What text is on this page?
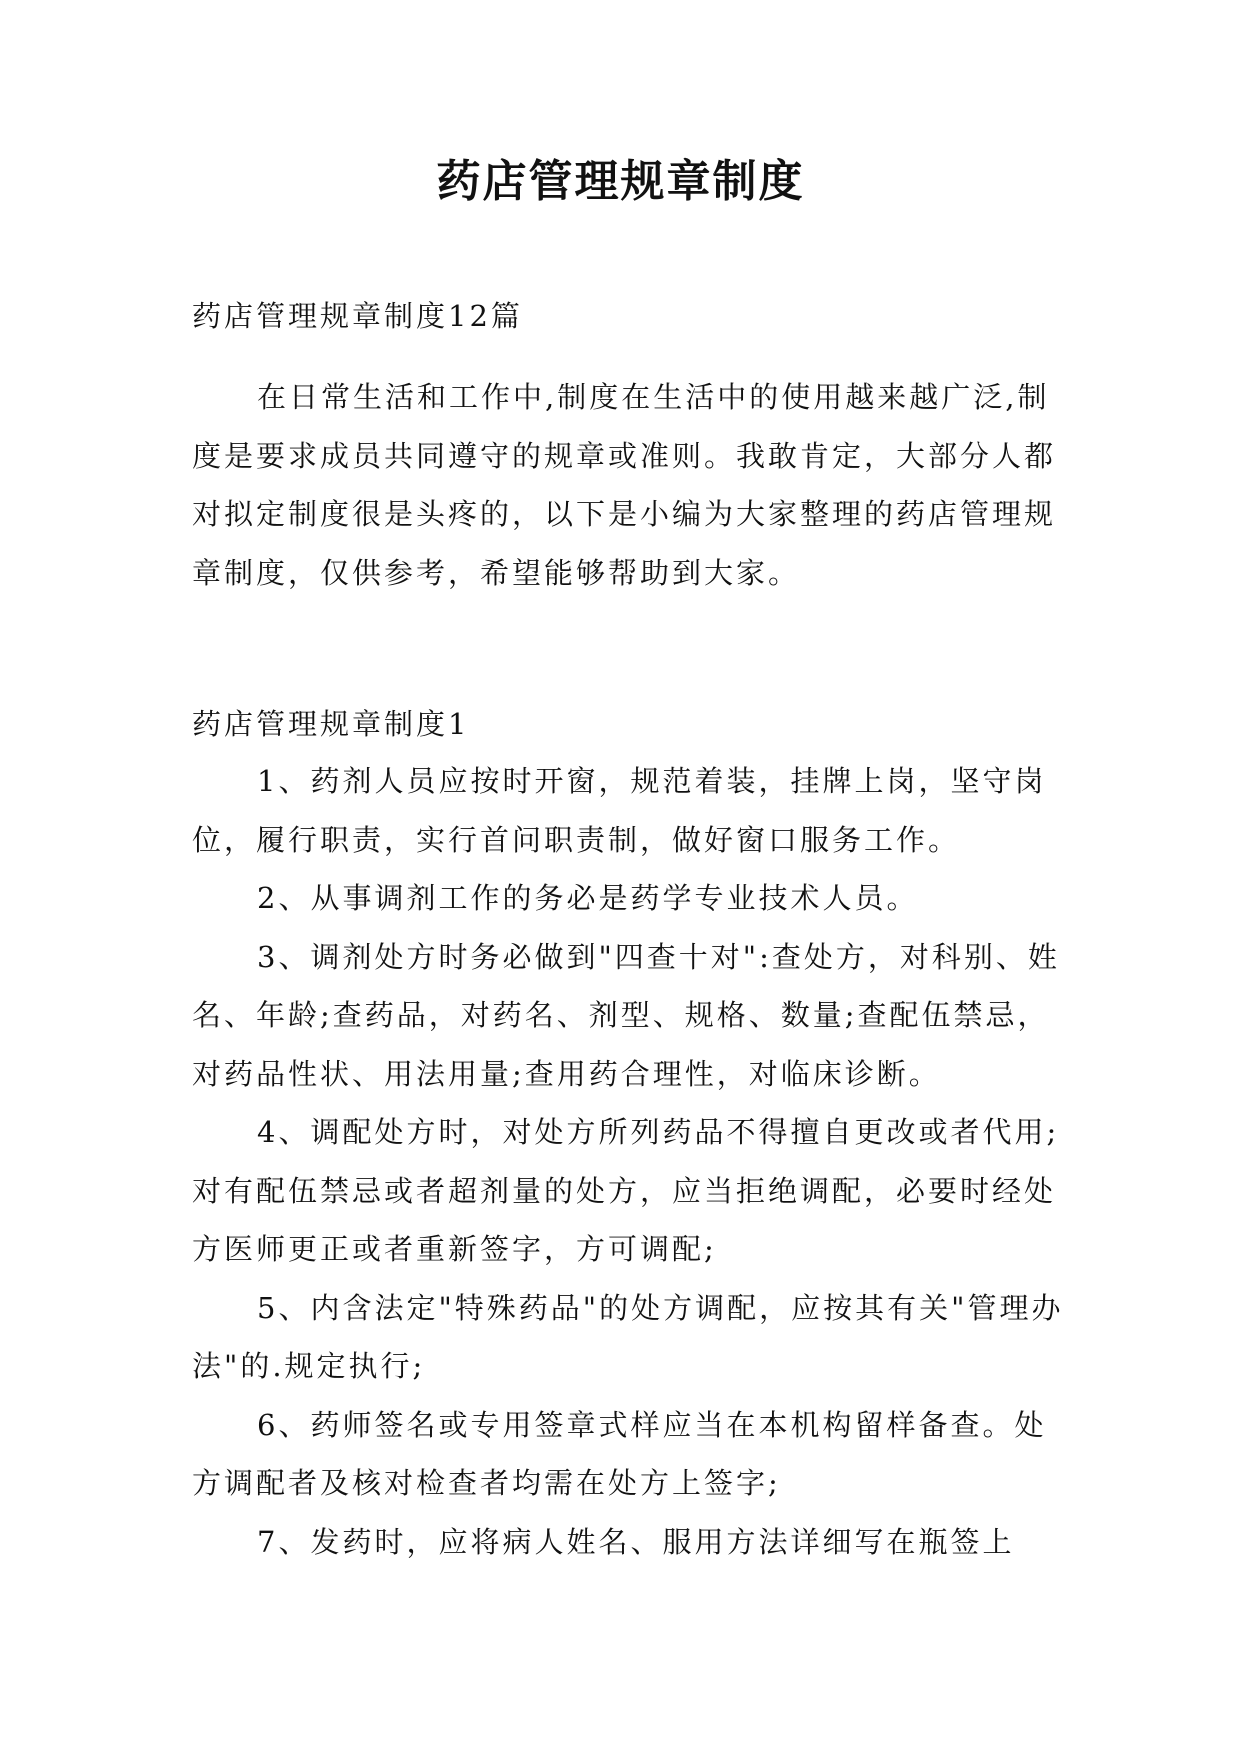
药店管理规章制度
药店管理规章制度12篇

在日常生活和工作中,制度在生活中的使用越来越广泛,制度是要求成员共同遵守的规章或准则。我敢肯定，大部分人都对拟定制度很是头疼的，以下是小编为大家整理的药店管理规章制度，仅供参考，希望能够帮助到大家。

药店管理规章制度1

1、药剂人员应按时开窗，规范着装，挂牌上岗，坚守岗位，履行职责，实行首问职责制，做好窗口服务工作。

2、从事调剂工作的务必是药学专业技术人员。

3、调剂处方时务必做到"四查十对":查处方，对科别、姓名、年龄;查药品，对药名、剂型、规格、数量;查配伍禁忌，对药品性状、用法用量;查用药合理性，对临床诊断。

4、调配处方时，对处方所列药品不得擅自更改或者代用;对有配伍禁忌或者超剂量的处方，应当拒绝调配，必要时经处方医师更正或者重新签字，方可调配;

5、内含法定"特殊药品"的处方调配，应按其有关"管理办法"的.规定执行;

6、药师签名或专用签章式样应当在本机构留样备查。处方调配者及核对检查者均需在处方上签字;

7、发药时，应将病人姓名、服用方法详细写在瓶签上
